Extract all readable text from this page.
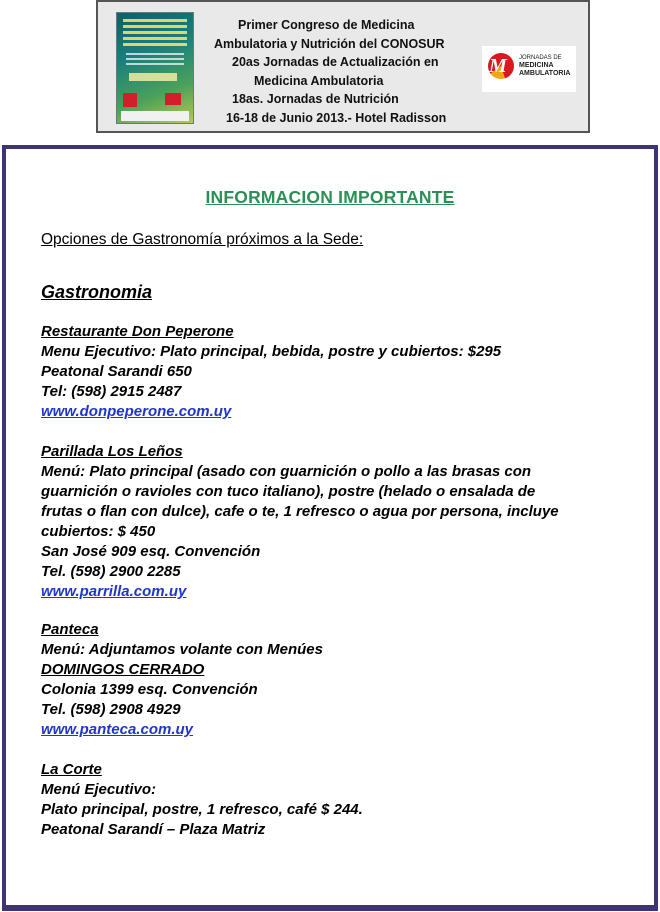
Primer Congreso de Medicina
Ambulatoria y Nutrición del CONOSUR
20as Jornadas de Actualización en
Medicina Ambulatoria
18as. Jornadas de Nutrición
16-18 de Junio 2013.- Hotel Radisson
M JORNADAS DE
MEDICINA
AMBULATORIA
INFORMACION IMPORTANTE
Opciones de Gastronomía próximos a la Sede:
Gastronomia
Restaurante Don Peperone
Menu Ejecutivo: Plato principal, bebida, postre y cubiertos: $295
Peatonal Sarandi 650
Tel: (598) 2915 2487
www.donpeperone.com.uy
Parillada Los Leños
Menú: Plato principal (asado con guarnición o pollo a las brasas con
guarnición o ravioles con tuco italiano), postre (helado o ensalada de
frutas o flan con dulce), cafe o te, 1 refresco o agua por persona, incluye
cubiertos: $ 450
San José 909 esq. Convención
Tel. (598) 2900 2285
www.parrilla.com.uy
Panteca
Menú: Adjuntamos volante con Menúes
DOMINGOS CERRADO
Colonia 1399 esq. Convención
Tel. (598) 2908 4929
www.panteca.com.uy
La Corte
Menú Ejecutivo:
Plato principal, postre, 1 refresco, café $ 244.
Peatonal Sarandí – Plaza Matriz
